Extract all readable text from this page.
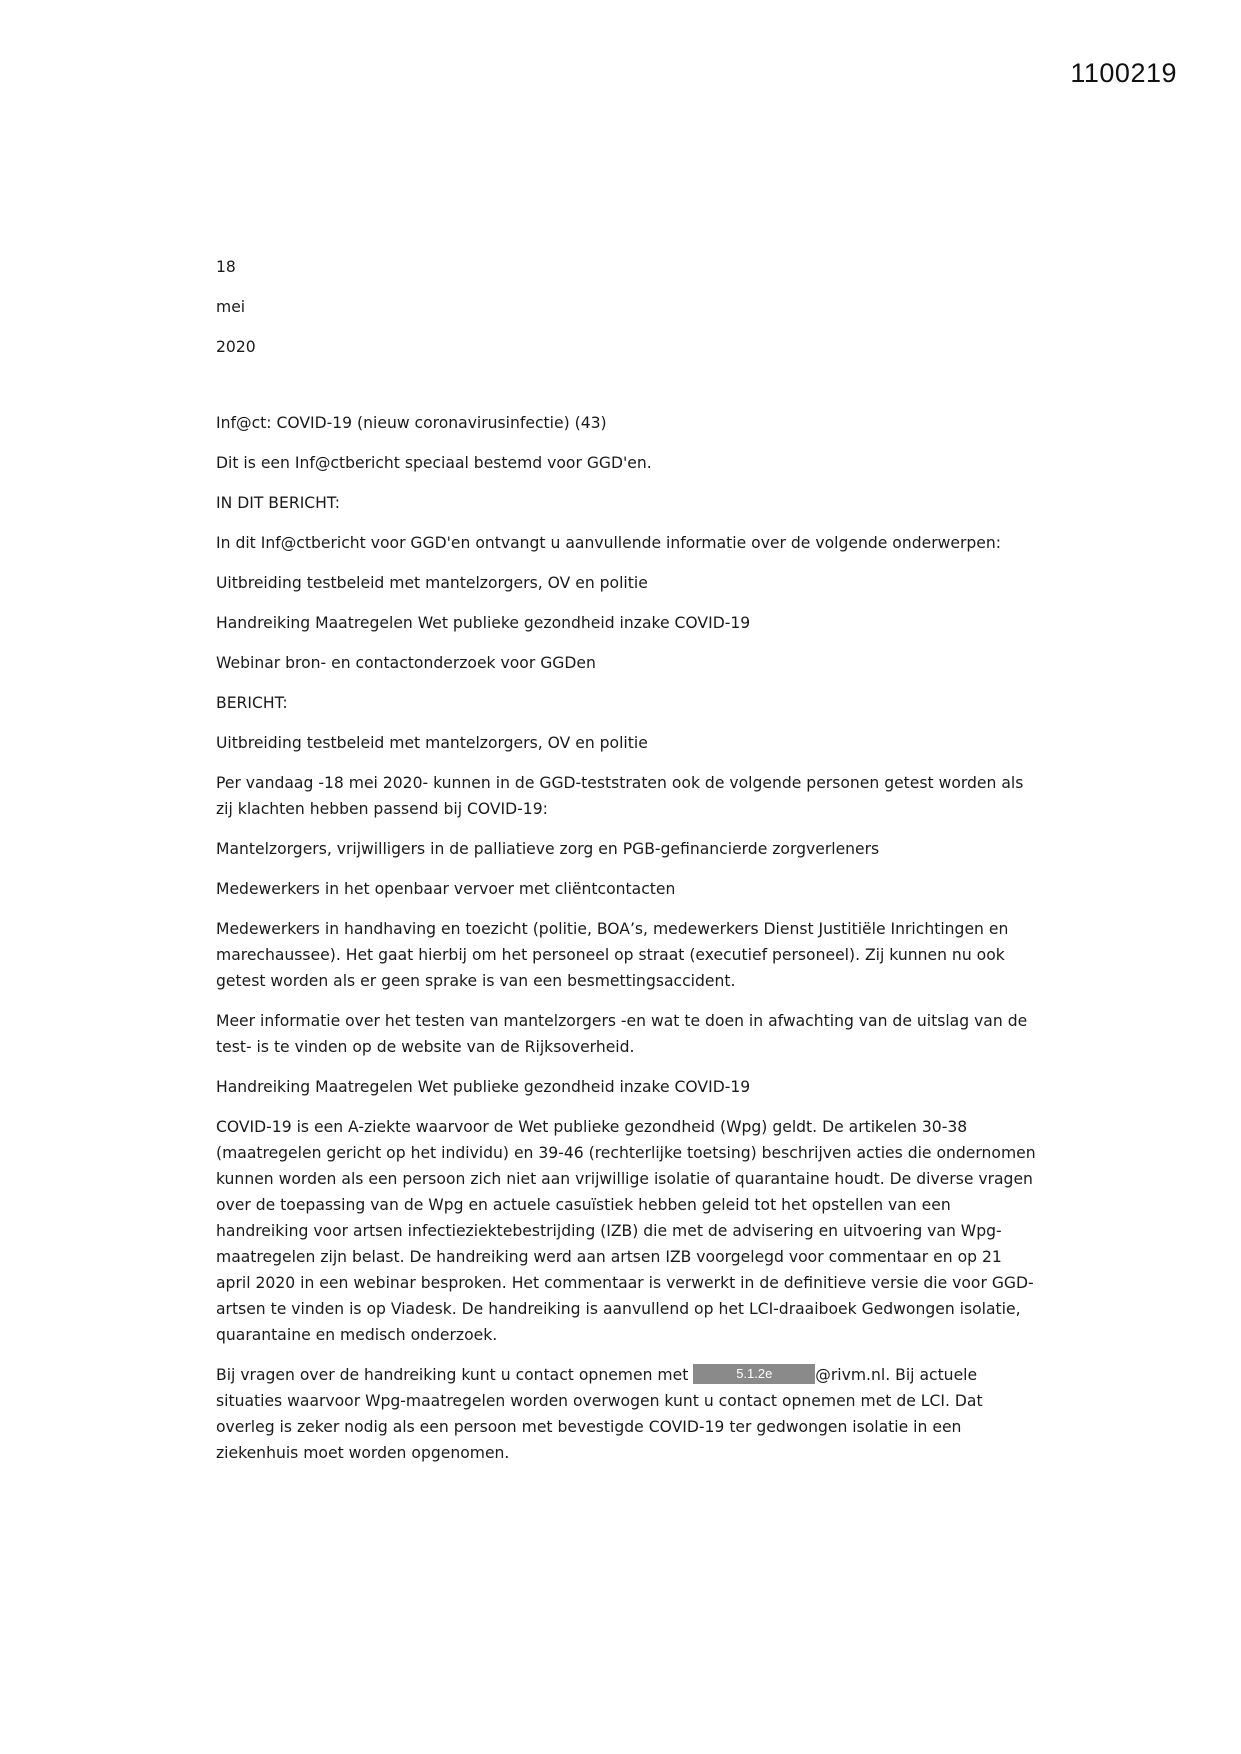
1100219

18

mei

2020

Inf@ct: COVID-19 (nieuw coronavirusinfectie) (43)

Dit is een Inf@ctbericht speciaal bestemd voor GGD'en.

IN DIT BERICHT:

In dit Inf@ctbericht voor GGD'en ontvangt u aanvullende informatie over de volgende onderwerpen:

Uitbreiding testbeleid met mantelzorgers, OV en politie

Handreiking Maatregelen Wet publieke gezondheid inzake COVID-19

Webinar bron- en contactonderzoek voor GGDen

BERICHT:

Uitbreiding testbeleid met mantelzorgers, OV en politie

Per vandaag -18 mei 2020- kunnen in de GGD-teststraten ook de volgende personen getest worden als zij klachten hebben passend bij COVID-19:

Mantelzorgers, vrijwilligers in de palliatieve zorg en PGB-gefinancierde zorgverleners

Medewerkers in het openbaar vervoer met cliëntcontacten

Medewerkers in handhaving en toezicht (politie, BOA’s, medewerkers Dienst Justitiële Inrichtingen en marechaussee). Het gaat hierbij om het personeel op straat (executief personeel). Zij kunnen nu ook getest worden als er geen sprake is van een besmettingsaccident.

Meer informatie over het testen van mantelzorgers -en wat te doen in afwachting van de uitslag van de test- is te vinden op de website van de Rijksoverheid.

Handreiking Maatregelen Wet publieke gezondheid inzake COVID-19

COVID-19 is een A-ziekte waarvoor de Wet publieke gezondheid (Wpg) geldt. De artikelen 30-38 (maatregelen gericht op het individu) en 39-46 (rechterlijke toetsing) beschrijven acties die ondernomen kunnen worden als een persoon zich niet aan vrijwillige isolatie of quarantaine houdt. De diverse vragen over de toepassing van de Wpg en actuele casuïstiek hebben geleid tot het opstellen van een handreiking voor artsen infectieziektebestrijding (IZB) die met de advisering en uitvoering van Wpg-maatregelen zijn belast. De handreiking werd aan artsen IZB voorgelegd voor commentaar en op 21 april 2020 in een webinar besproken. Het commentaar is verwerkt in de definitieve versie die voor GGD-artsen te vinden is op Viadesk. De handreiking is aanvullend op het LCI-draaiboek Gedwongen isolatie, quarantaine en medisch onderzoek.

Bij vragen over de handreiking kunt u contact opnemen met	5.1.2e	@rivm.nl. Bij actuele situaties waarvoor Wpg-maatregelen worden overwogen kunt u contact opnemen met de LCI. Dat overleg is zeker nodig als een persoon met bevestigde COVID-19 ter gedwongen isolatie in een ziekenhuis moet worden opgenomen.
